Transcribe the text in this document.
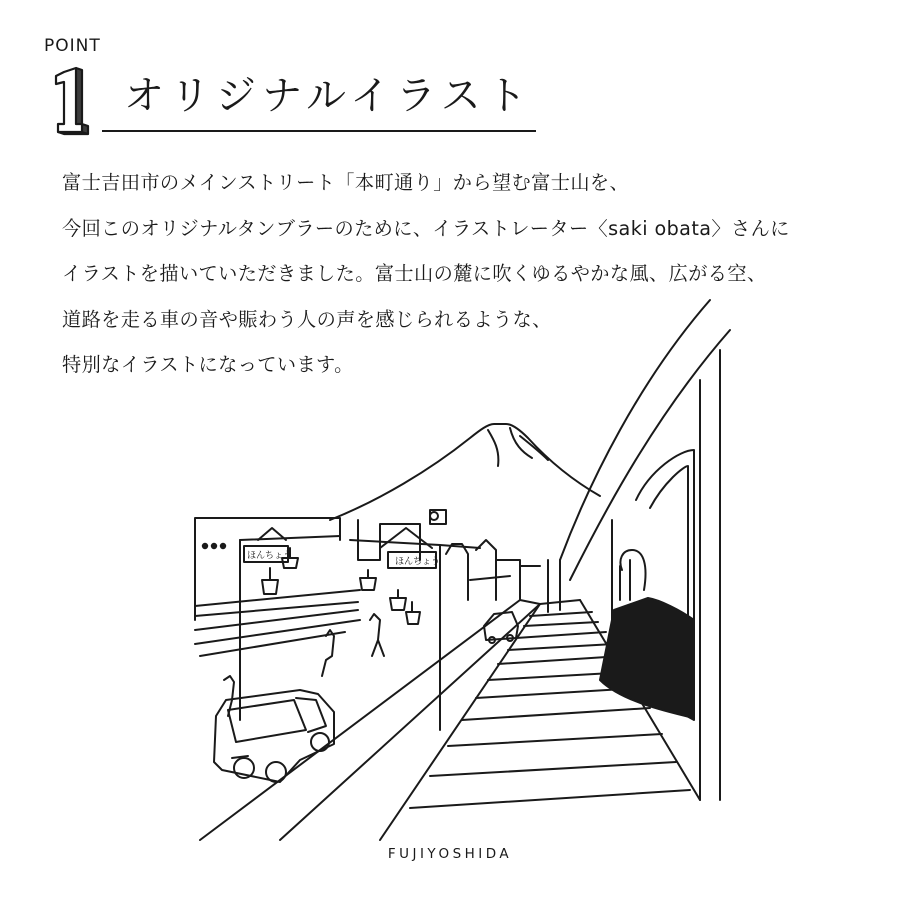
POINT
オリジナルイラスト
富士吉田市のメインストリート「本町通り」から望む富士山を、
今回このオリジナルタンブラーのために、イラストレーター〈saki obata〉さんに
イラストを描いていただきました。富士山の麓に吹くゆるやかな風、広がる空、
道路を走る車の音や賑わう人の声を感じられるような、
特別なイラストになっています。
ほんちょう
ほんちょう
FUJIYOSHIDA
